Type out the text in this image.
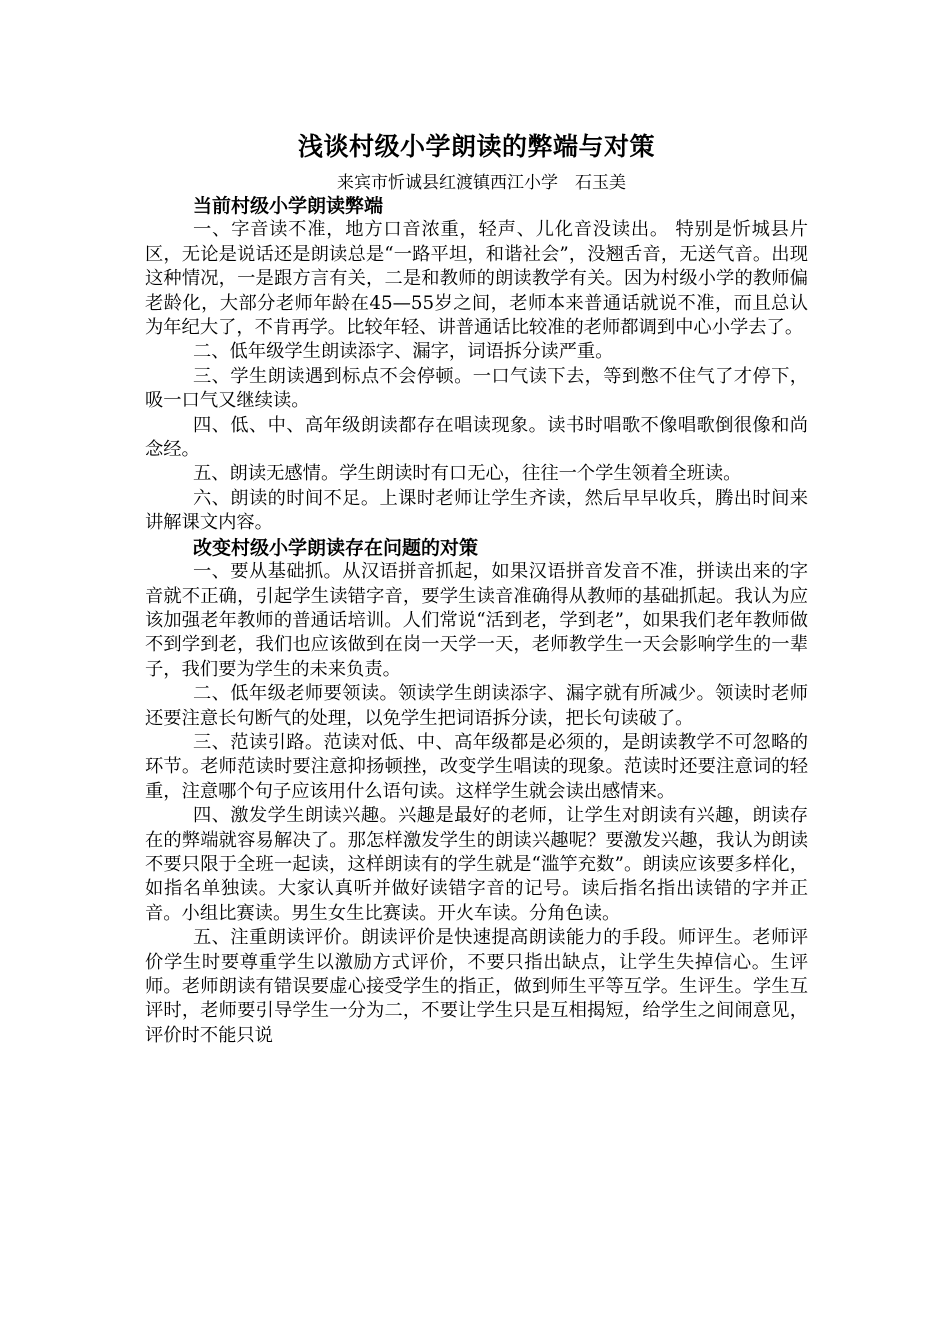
浅谈村级小学朗读的弊端与对策

来宾市忻诚县红渡镇西江小学　石玉美

当前村级小学朗读弊端

一、字音读不准，地方口音浓重，轻声、儿化音没读出。 特别是忻城县片区，无论是说话还是朗读总是“一路平坦，和谐社会”，没翘舌音，无送气音。出现这种情况，一是跟方言有关，二是和教师的朗读教学有关。因为村级小学的教师偏老龄化，大部分老师年龄在45—55岁之间，老师本来普通话就说不准，而且总认为年纪大了，不肯再学。比较年轻、讲普通话比较准的老师都调到中心小学去了。

二、低年级学生朗读添字、漏字，词语拆分读严重。

三、学生朗读遇到标点不会停顿。一口气读下去，等到憋不住气了才停下，吸一口气又继续读。

四、低、中、高年级朗读都存在唱读现象。读书时唱歌不像唱歌倒很像和尚念经。

五、朗读无感情。学生朗读时有口无心，往往一个学生领着全班读。

六、朗读的时间不足。上课时老师让学生齐读，然后早早收兵，腾出时间来讲解课文内容。

改变村级小学朗读存在问题的对策

一、要从基础抓。从汉语拼音抓起，如果汉语拼音发音不准，拼读出来的字音就不正确，引起学生读错字音，要学生读音准确得从教师的基础抓起。我认为应该加强老年教师的普通话培训。人们常说“活到老，学到老”，如果我们老年教师做不到学到老，我们也应该做到在岗一天学一天，老师教学生一天会影响学生的一辈子，我们要为学生的未来负责。

二、低年级老师要领读。领读学生朗读添字、漏字就有所减少。领读时老师还要注意长句断气的处理，以免学生把词语拆分读，把长句读破了。

三、范读引路。范读对低、中、高年级都是必须的，是朗读教学不可忽略的环节。老师范读时要注意抑扬顿挫，改变学生唱读的现象。范读时还要注意词的轻重，注意哪个句子应该用什么语句读。这样学生就会读出感情来。

四、激发学生朗读兴趣。兴趣是最好的老师，让学生对朗读有兴趣，朗读存在的弊端就容易解决了。那怎样激发学生的朗读兴趣呢？要激发兴趣，我认为朗读不要只限于全班一起读，这样朗读有的学生就是“滥竽充数”。朗读应该要多样化，如指名单独读。大家认真听并做好读错字音的记号。读后指名指出读错的字并正音。小组比赛读。男生女生比赛读。开火车读。分角色读。

五、注重朗读评价。朗读评价是快速提高朗读能力的手段。师评生。老师评价学生时要尊重学生以激励方式评价，不要只指出缺点，让学生失掉信心。生评师。老师朗读有错误要虚心接受学生的指正，做到师生平等互学。生评生。学生互评时，老师要引导学生一分为二，不要让学生只是互相揭短，给学生之间闹意见，评价时不能只说
